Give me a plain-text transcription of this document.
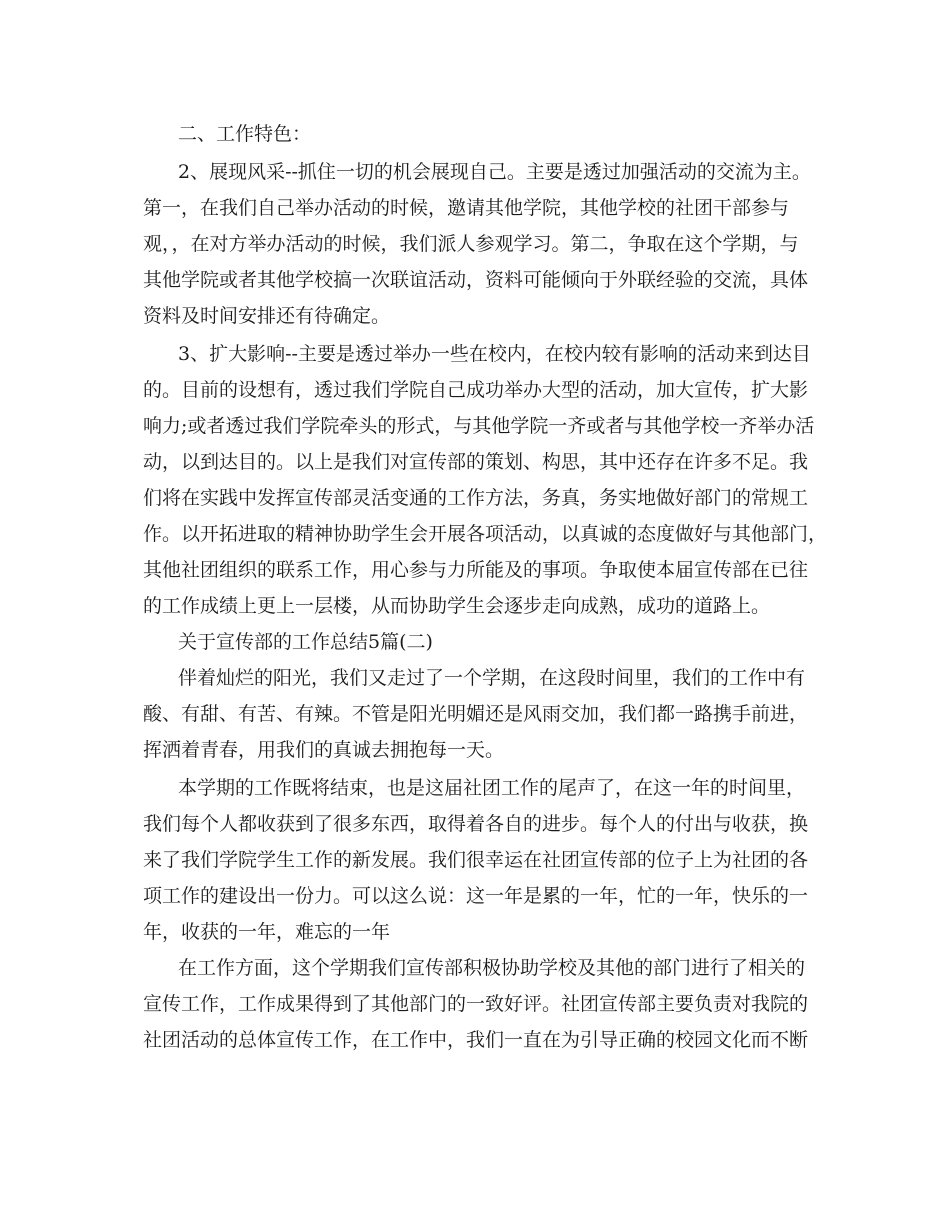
二、工作特色：

2、展现风采--抓住一切的机会展现自己。主要是透过加强活动的交流为主。

第一，在我们自己举办活动的时候，邀请其他学院，其他学校的社团干部参与

观，，在对方举办活动的时候，我们派人参观学习。第二，争取在这个学期，与

其他学院或者其他学校搞一次联谊活动，资料可能倾向于外联经验的交流，具体

资料及时间安排还有待确定。

3、扩大影响--主要是透过举办一些在校内，在校内较有影响的活动来到达目

的。目前的设想有，透过我们学院自己成功举办大型的活动，加大宣传，扩大影

响力;或者透过我们学院牵头的形式，与其他学院一齐或者与其他学校一齐举办活

动，以到达目的。以上是我们对宣传部的策划、构思，其中还存在许多不足。我

们将在实践中发挥宣传部灵活变通的工作方法，务真，务实地做好部门的常规工

作。以开拓进取的精神协助学生会开展各项活动，以真诚的态度做好与其他部门，

其他社团组织的联系工作，用心参与力所能及的事项。争取使本届宣传部在已往

的工作成绩上更上一层楼，从而协助学生会逐步走向成熟，成功的道路上。

关于宣传部的工作总结5篇(二)

伴着灿烂的阳光，我们又走过了一个学期，在这段时间里，我们的工作中有

酸、有甜、有苦、有辣。不管是阳光明媚还是风雨交加，我们都一路携手前进，

挥洒着青春，用我们的真诚去拥抱每一天。

本学期的工作既将结束，也是这届社团工作的尾声了，在这一年的时间里，

我们每个人都收获到了很多东西，取得着各自的进步。每个人的付出与收获，换

来了我们学院学生工作的新发展。我们很幸运在社团宣传部的位子上为社团的各

项工作的建设出一份力。可以这么说：这一年是累的一年，忙的一年，快乐的一

年，收获的一年，难忘的一年

在工作方面，这个学期我们宣传部积极协助学校及其他的部门进行了相关的

宣传工作，工作成果得到了其他部门的一致好评。社团宣传部主要负责对我院的

社团活动的总体宣传工作，在工作中，我们一直在为引导正确的校园文化而不断
